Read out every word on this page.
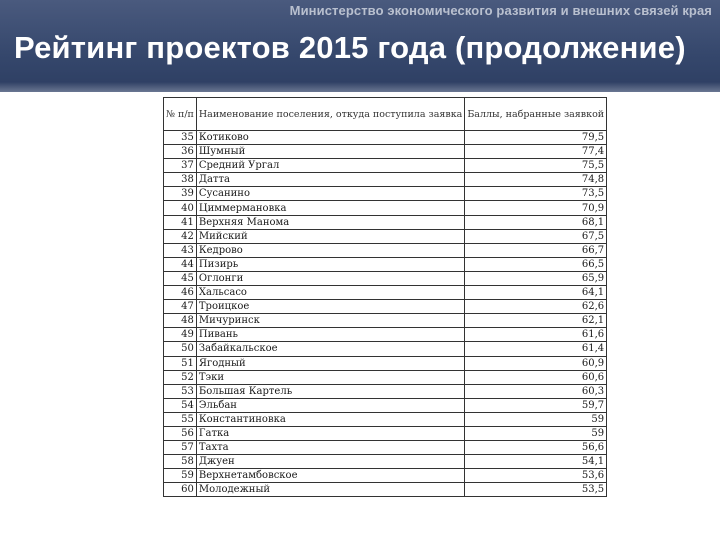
Министерство экономического развития и внешних связей края
Рейтинг проектов 2015 года (продолжение)
№ п/п	Наименование поселения, откуда поступила заявка	Баллы, набранные заявкой
35	Котиково	79,5
36	Шумный	77,4
37	Средний Ургал	75,5
38	Датта	74,8
39	Сусанино	73,5
40	Циммермановка	70,9
41	Верхняя Манома	68,1
42	Мийский	67,5
43	Кедрово	66,7
44	Пизирь	66,5
45	Оглонги	65,9
46	Хальсасо	64,1
47	Троицкое	62,6
48	Мичуринск	62,1
49	Пивань	61,6
50	Забайкальское	61,4
51	Ягодный	60,9
52	Тэки	60,6
53	Большая Картель	60,3
54	Эльбан	59,7
55	Константиновка	59
56	Гатка	59
57	Тахта	56,6
58	Джуен	54,1
59	Верхнетамбовское	53,6
60	Молодежный	53,5
